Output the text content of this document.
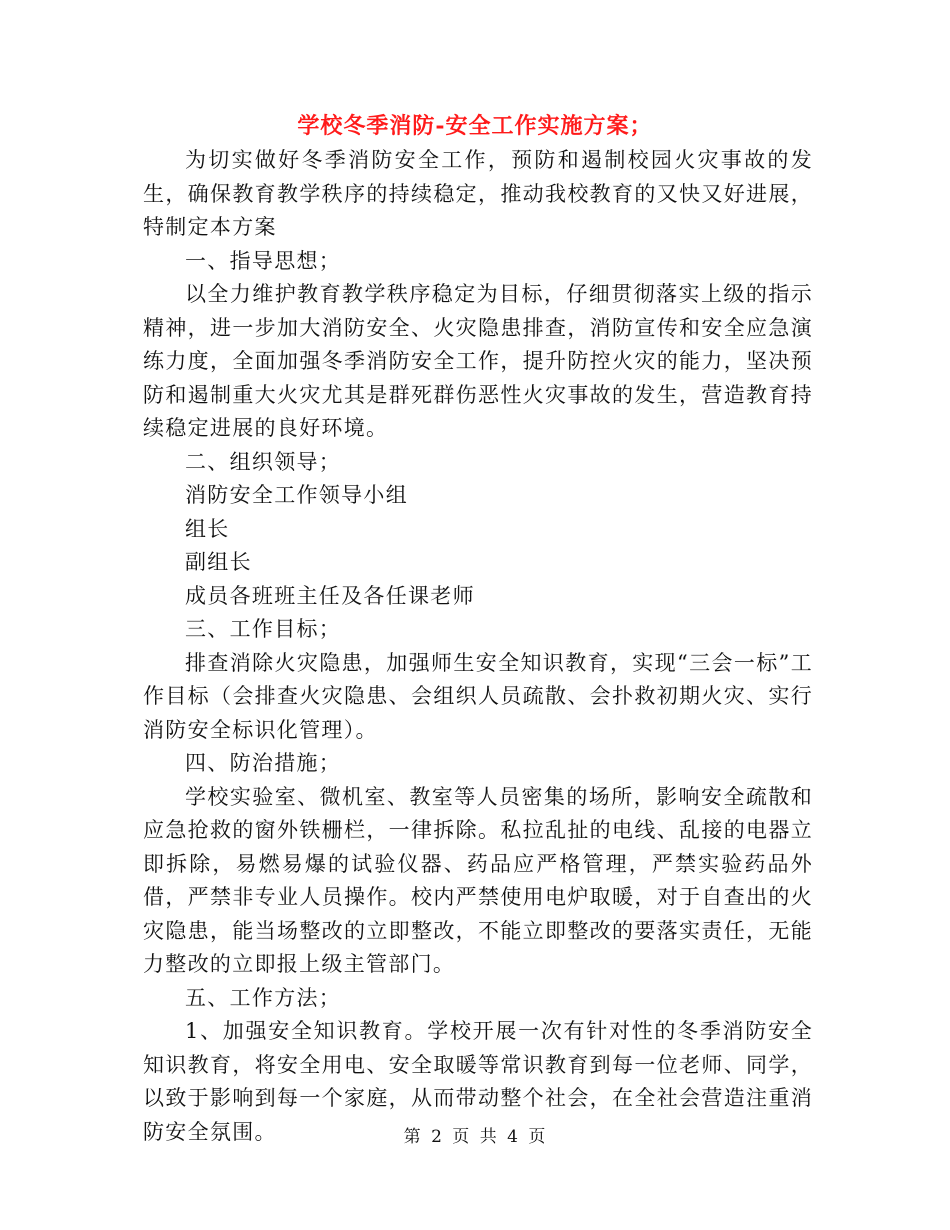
学校冬季消防-安全工作实施方案；

为切实做好冬季消防安全工作，预防和遏制校园火灾事故的发生，确保教育教学秩序的持续稳定，推动我校教育的又快又好进展，特制定本方案

一、指导思想；

以全力维护教育教学秩序稳定为目标，仔细贯彻落实上级的指示精神，进一步加大消防安全、火灾隐患排查，消防宣传和安全应急演练力度，全面加强冬季消防安全工作，提升防控火灾的能力，坚决预防和遏制重大火灾尤其是群死群伤恶性火灾事故的发生，营造教育持续稳定进展的良好环境。

二、组织领导；

消防安全工作领导小组

组长

副组长

成员各班班主任及各任课老师

三、工作目标；

排查消除火灾隐患，加强师生安全知识教育，实现“三会一标”工作目标（会排查火灾隐患、会组织人员疏散、会扑救初期火灾、实行消防安全标识化管理）。

四、防治措施；

学校实验室、微机室、教室等人员密集的场所，影响安全疏散和应急抢救的窗外铁栅栏，一律拆除。私拉乱扯的电线、乱接的电器立即拆除，易燃易爆的试验仪器、药品应严格管理，严禁实验药品外借，严禁非专业人员操作。校内严禁使用电炉取暖，对于自查出的火灾隐患，能当场整改的立即整改，不能立即整改的要落实责任，无能力整改的立即报上级主管部门。

五、工作方法；

1、加强安全知识教育。学校开展一次有针对性的冬季消防安全知识教育，将安全用电、安全取暖等常识教育到每一位老师、同学，以致于影响到每一个家庭，从而带动整个社会，在全社会营造注重消防安全氛围。	第 2 页 共 4 页
